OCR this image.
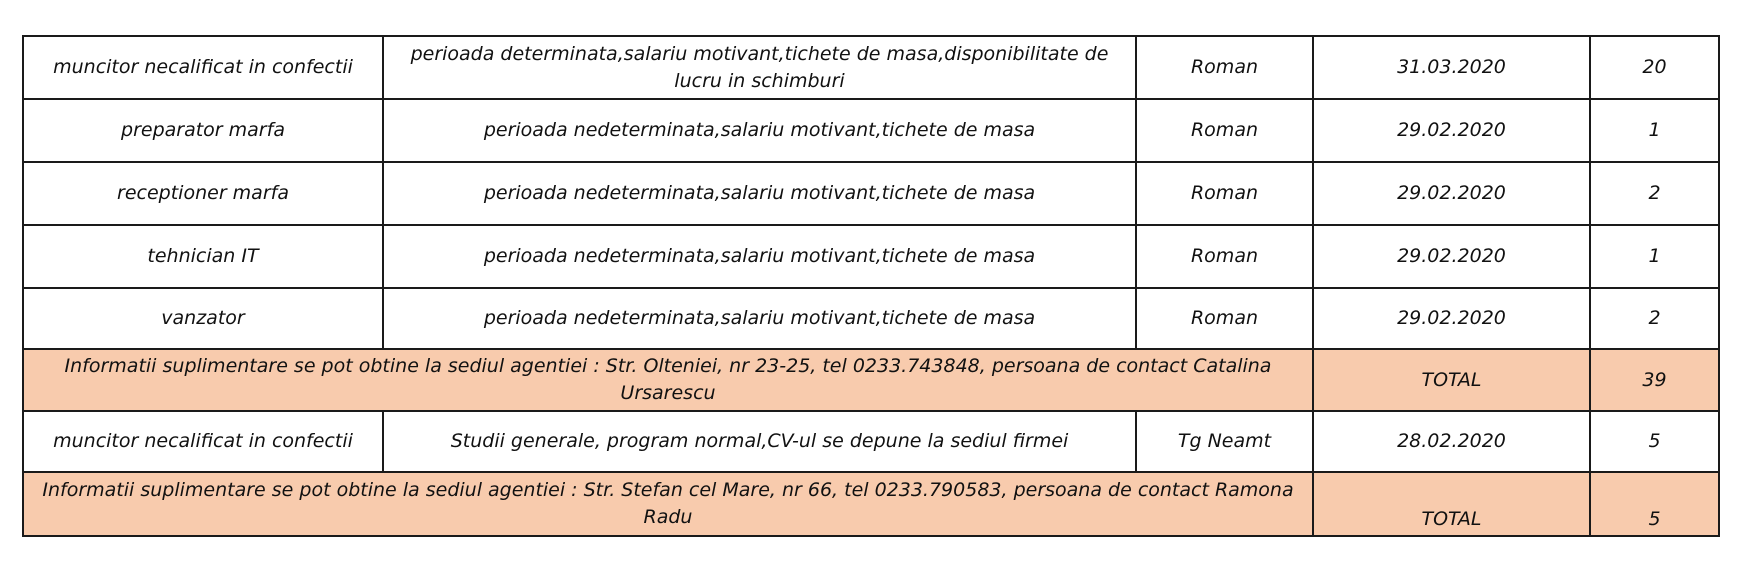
muncitor necalificat in confectii	perioada determinata,salariu motivant,tichete de masa,disponibilitate de lucru in schimburi	Roman	31.03.2020	20
preparator marfa	perioada nedeterminata,salariu motivant,tichete de masa	Roman	29.02.2020	1
receptioner marfa	perioada nedeterminata,salariu motivant,tichete de masa	Roman	29.02.2020	2
tehnician IT	perioada nedeterminata,salariu motivant,tichete de masa	Roman	29.02.2020	1
vanzator	perioada nedeterminata,salariu motivant,tichete de masa	Roman	29.02.2020	2
Informatii suplimentare se pot obtine la sediul agentiei : Str. Olteniei, nr 23-25, tel 0233.743848, persoana de contact Catalina Ursarescu			TOTAL	39
muncitor necalificat in confectii	Studii generale, program normal,CV-ul se depune la sediul firmei	Tg Neamt	28.02.2020	5
Informatii suplimentare se pot obtine la sediul agentiei : Str. Stefan cel Mare, nr 66, tel 0233.790583, persoana de contact Ramona Radu			TOTAL	5
